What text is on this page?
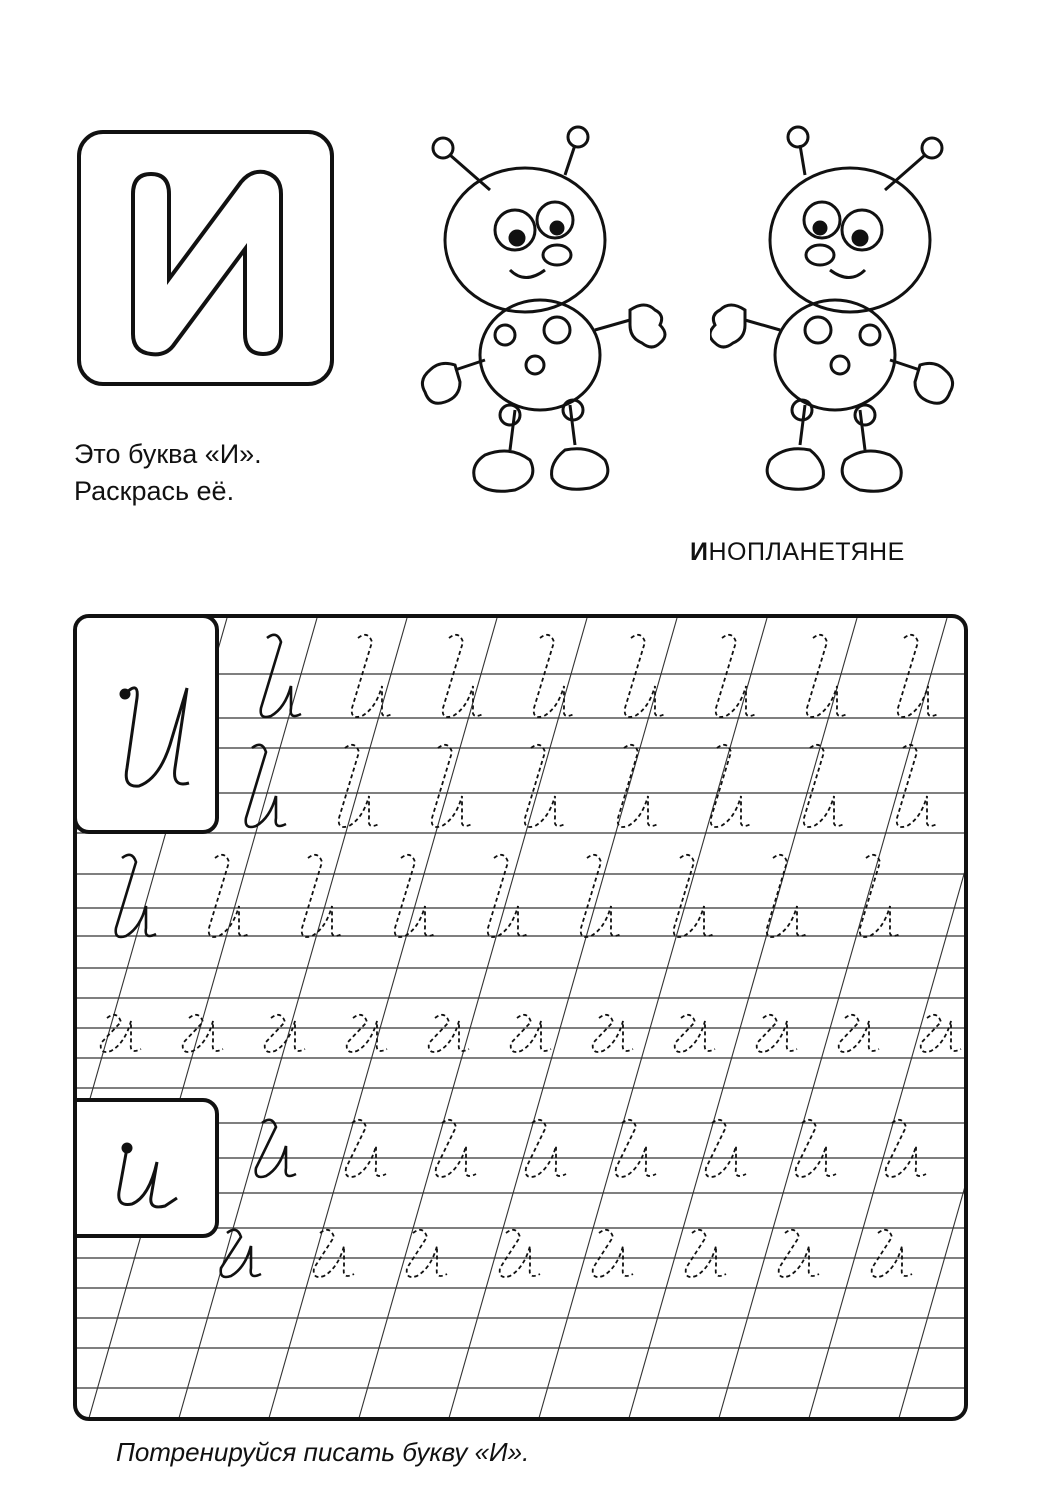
Это буква «И».
Раскрась её.
ИНОПЛАНЕТЯНЕ
Потренируйся писать букву «И».
